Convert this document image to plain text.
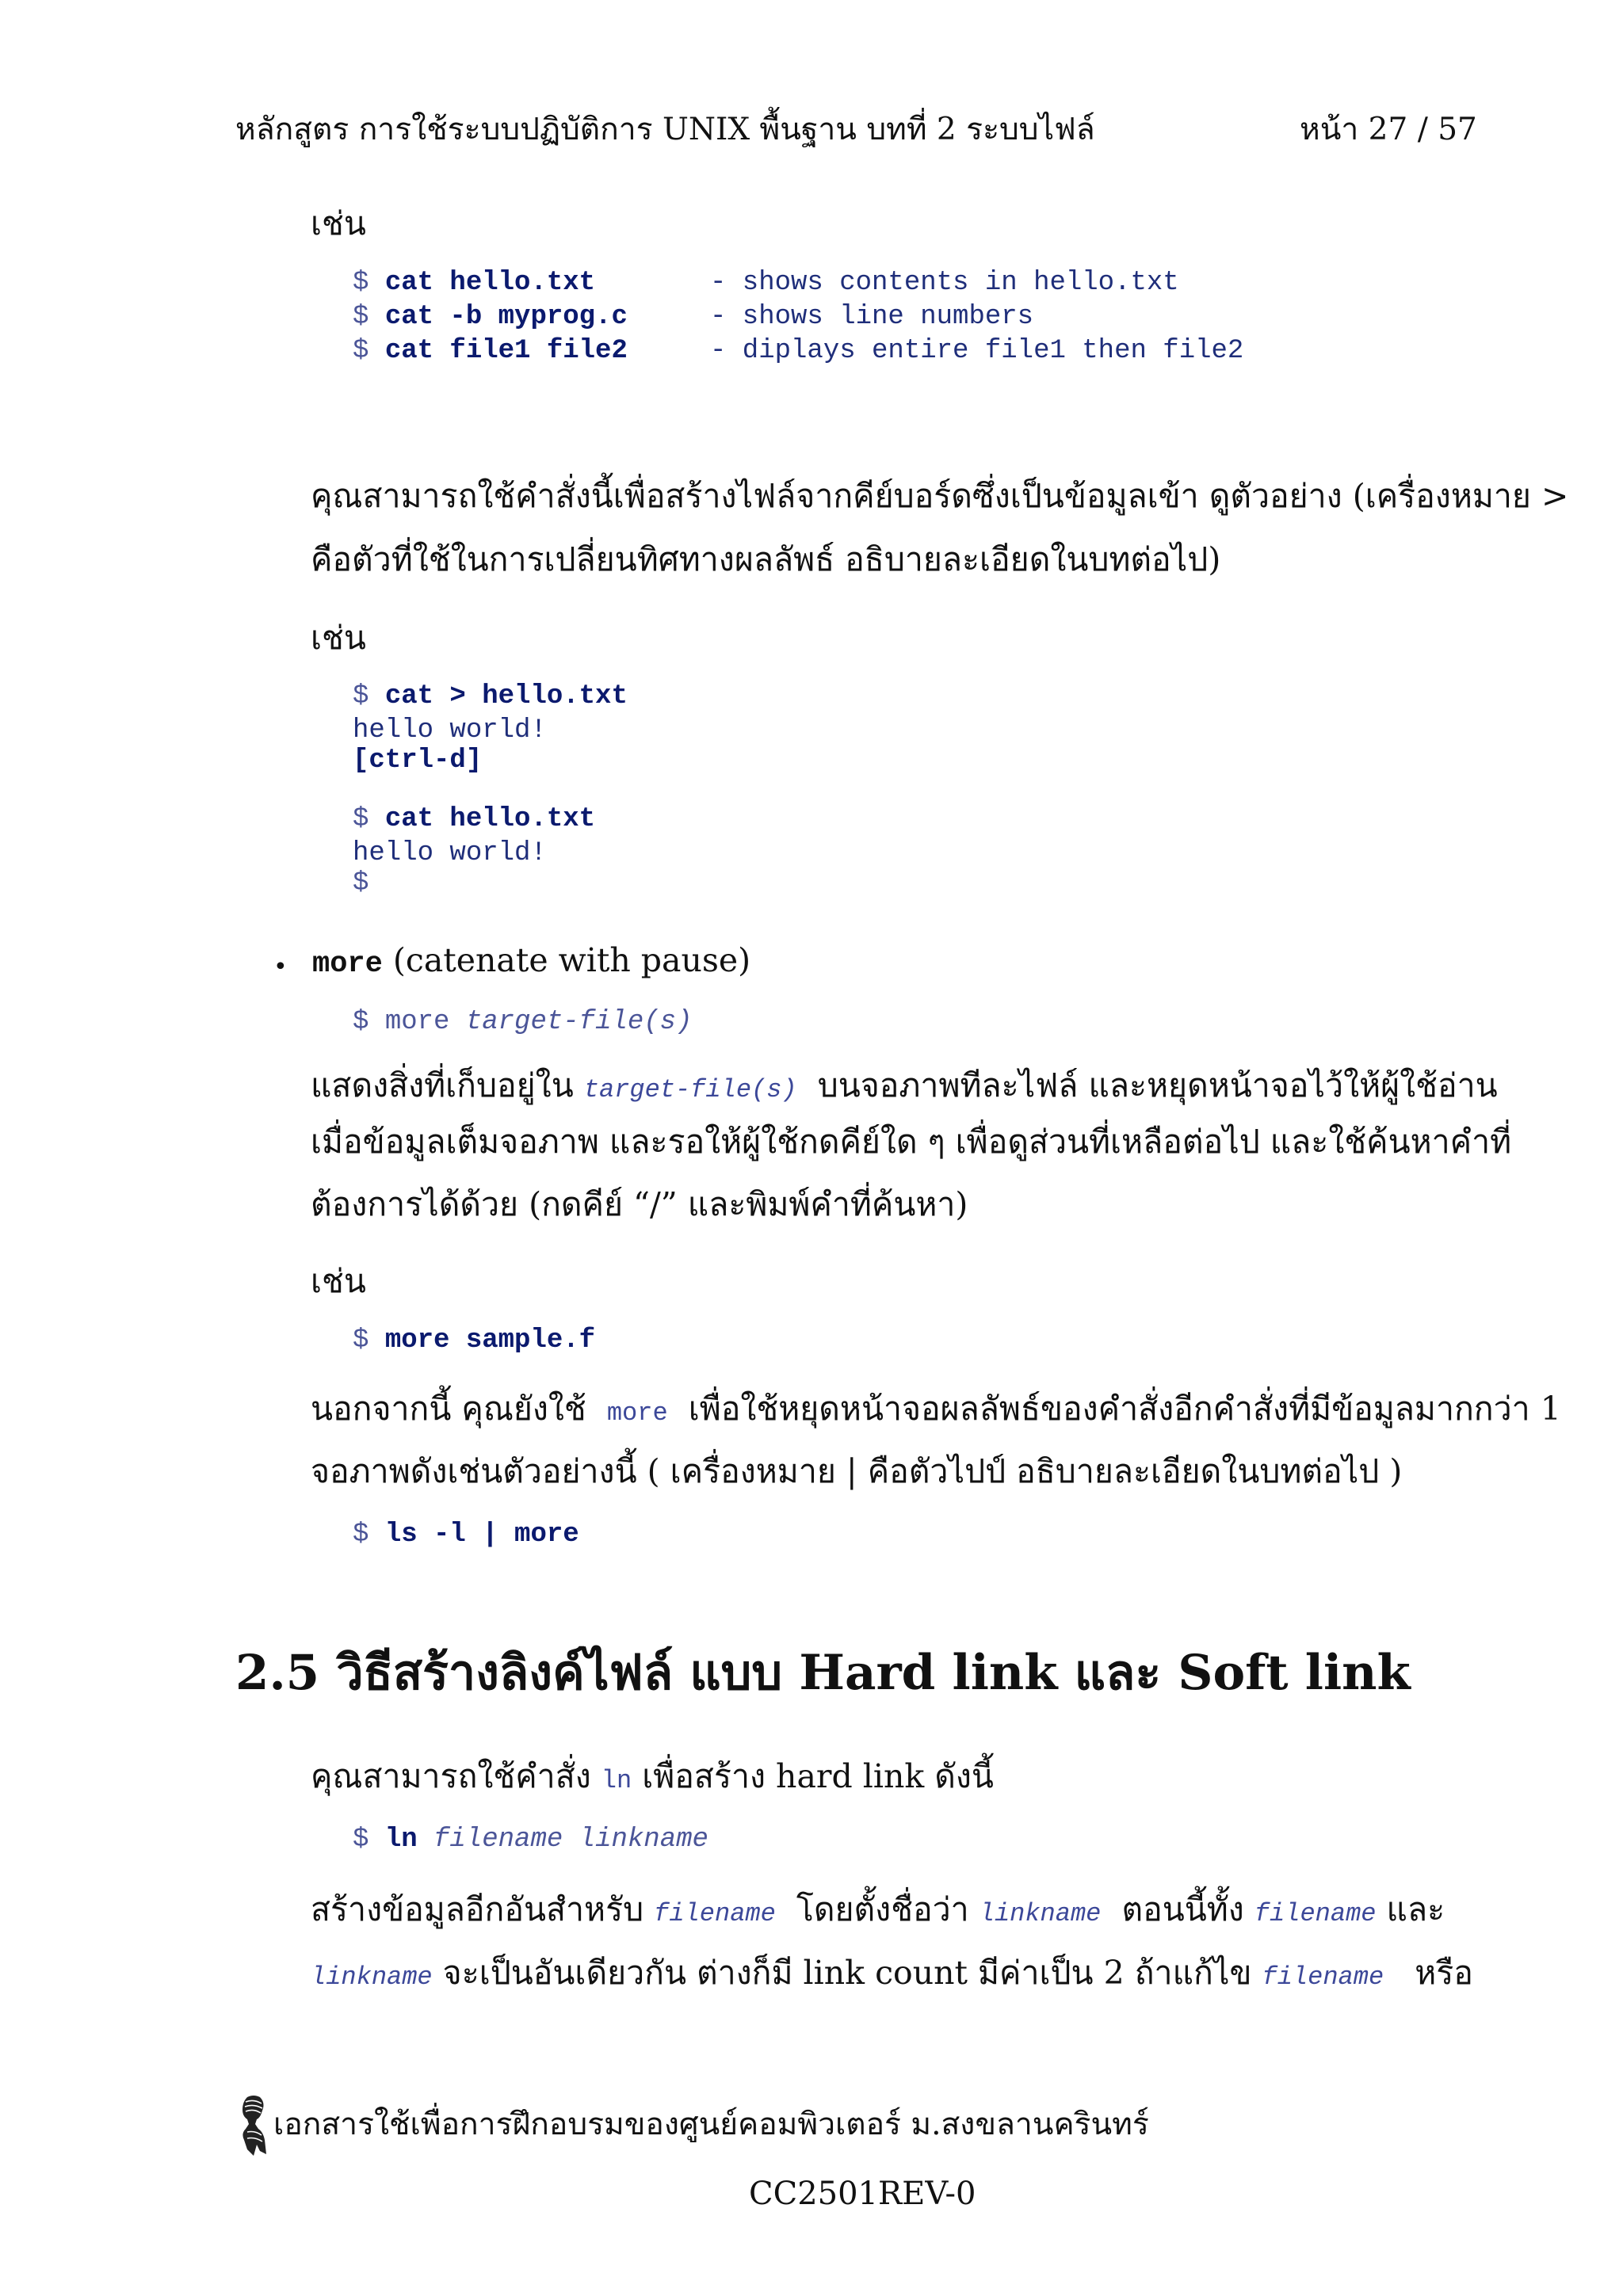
หลักสูตร การใช้ระบบปฏิบัติการ UNIX พื้นฐาน บทที่ 2 ระบบไฟล์	หน้า 27 / 57
เช่น
$ cat hello.txt	- shows contents in hello.txt
$ cat -b myprog.c	- shows line numbers
$ cat file1 file2	- diplays entire file1 then file2
คุณสามารถใช้คำสั่งนี้เพื่อสร้างไฟล์จากคีย์บอร์ดซึ่งเป็นข้อมูลเข้า ดูตัวอย่าง (เครื่องหมาย >
คือตัวที่ใช้ในการเปลี่ยนทิศทางผลลัพธ์ อธิบายละเอียดในบทต่อไป)
เช่น
$ cat > hello.txt
hello world!
[ctrl-d]
$ cat hello.txt
hello world!
$
• more (catenate with pause)
$ more target-file(s)
แสดงสิ่งที่เก็บอยู่ใน target-file(s) บนจอภาพทีละไฟล์ และหยุดหน้าจอไว้ให้ผู้ใช้อ่าน
เมื่อข้อมูลเต็มจอภาพ และรอให้ผู้ใช้กดคีย์ใด ๆ เพื่อดูส่วนที่เหลือต่อไป และใช้ค้นหาคำที่
ต้องการได้ด้วย (กดคีย์ “/” และพิมพ์คำที่ค้นหา)
เช่น
$ more sample.f
นอกจากนี้ คุณยังใช้ more เพื่อใช้หยุดหน้าจอผลลัพธ์ของคำสั่งอีกคำสั่งที่มีข้อมูลมากกว่า 1
จอภาพดังเช่นตัวอย่างนี้ ( เครื่องหมาย | คือตัวไปป์ อธิบายละเอียดในบทต่อไป )
$ ls -l | more
2.5 วิธีสร้างลิงค์ไฟล์ แบบ Hard link และ Soft link
คุณสามารถใช้คำสั่ง ln เพื่อสร้าง hard link ดังนี้
$ ln filename linkname
สร้างข้อมูลอีกอันสำหรับ filename โดยตั้งชื่อว่า linkname ตอนนี้ทั้ง filename และ
linkname จะเป็นอันเดียวกัน ต่างก็มี link count มีค่าเป็น 2 ถ้าแก้ไข filename หรือ
เอกสารใช้เพื่อการฝึกอบรมของศูนย์คอมพิวเตอร์ ม.สงขลานครินทร์
CC2501REV-0
